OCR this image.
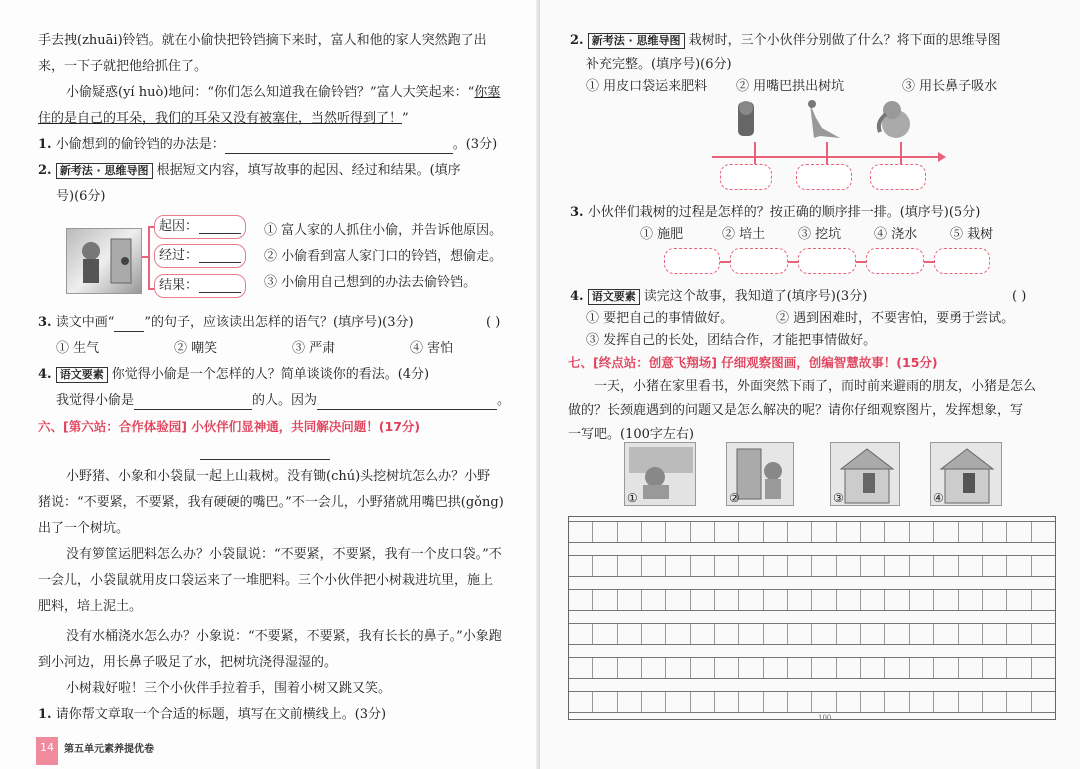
手去拽(zhuāi)铃铛。就在小偷快把铃铛摘下来时，富人和他的家人突然跑了出
来，一下子就把他给抓住了。
小偷疑惑(yí huò)地问：“你们怎么知道我在偷铃铛？”富人大笑起来：“你塞
住的是自己的耳朵，我们的耳朵又没有被塞住，当然听得到了！”
1. 小偷想到的偷铃铛的办法是：	。(3分)
2. 新考法 · 思维导图 根据短文内容，填写故事的起因、经过和结果。(填序
号)(6分)
起因：
经过：
结果：
① 富人家的人抓住小偷，并告诉他原因。
② 小偷看到富人家门口的铃铛，想偷走。
③ 小偷用自己想到的办法去偷铃铛。
3. 读文中画“ ”的句子，应该读出怎样的语气？(填序号)(3分)	( )
① 生气	② 嘲笑	③ 严肃	④ 害怕
4. 语文要素 你觉得小偷是一个怎样的人？简单谈谈你的看法。(4分)
我觉得小偷是	的人。因为	。
六、[第六站：合作体验园] 小伙伴们显神通，共同解决问题！(17分)
小野猪、小象和小袋鼠一起上山栽树。没有锄(chú)头挖树坑怎么办？小野
猪说：“不要紧，不要紧，我有硬硬的嘴巴。”不一会儿，小野猪就用嘴巴拱(gǒng)
出了一个树坑。
没有箩筐运肥料怎么办？小袋鼠说：“不要紧，不要紧，我有一个皮口袋。”不
一会儿，小袋鼠就用皮口袋运来了一堆肥料。三个小伙伴把小树栽进坑里，施上
肥料，培上泥土。
没有水桶浇水怎么办？小象说：“不要紧，不要紧，我有长长的鼻子。”小象跑
到小河边，用长鼻子吸足了水，把树坑浇得湿湿的。
小树栽好啦！三个小伙伴手拉着手，围着小树又跳又笑。
1. 请你帮文章取一个合适的标题，填写在文前横线上。(3分)
14	第五单元素养提优卷
2. 新考法 · 思维导图 栽树时，三个小伙伴分别做了什么？将下面的思维导图
补充完整。(填序号)(6分)
① 用皮口袋运来肥料 ② 用嘴巴拱出树坑	③ 用长鼻子吸水
3. 小伙伴们栽树的过程是怎样的？按正确的顺序排一排。(填序号)(5分)
① 施肥	② 培土	③ 挖坑	④ 浇水	⑤ 栽树
4. 语文要素 读完这个故事，我知道了(填序号)(3分)	( )
① 要把自己的事情做好。	② 遇到困难时，不要害怕，要勇于尝试。
③ 发挥自己的长处，团结合作，才能把事情做好。
七、[终点站：创意飞翔场] 仔细观察图画，创编智慧故事！(15分)
一天，小猪在家里看书，外面突然下雨了，而时前来避雨的朋友，小猪是怎么
做的？长颈鹿遇到的问题又是怎么解决的呢？请你仔细观察图片，发挥想象，写
一写吧。(100字左右)
①	②	③	④
100
